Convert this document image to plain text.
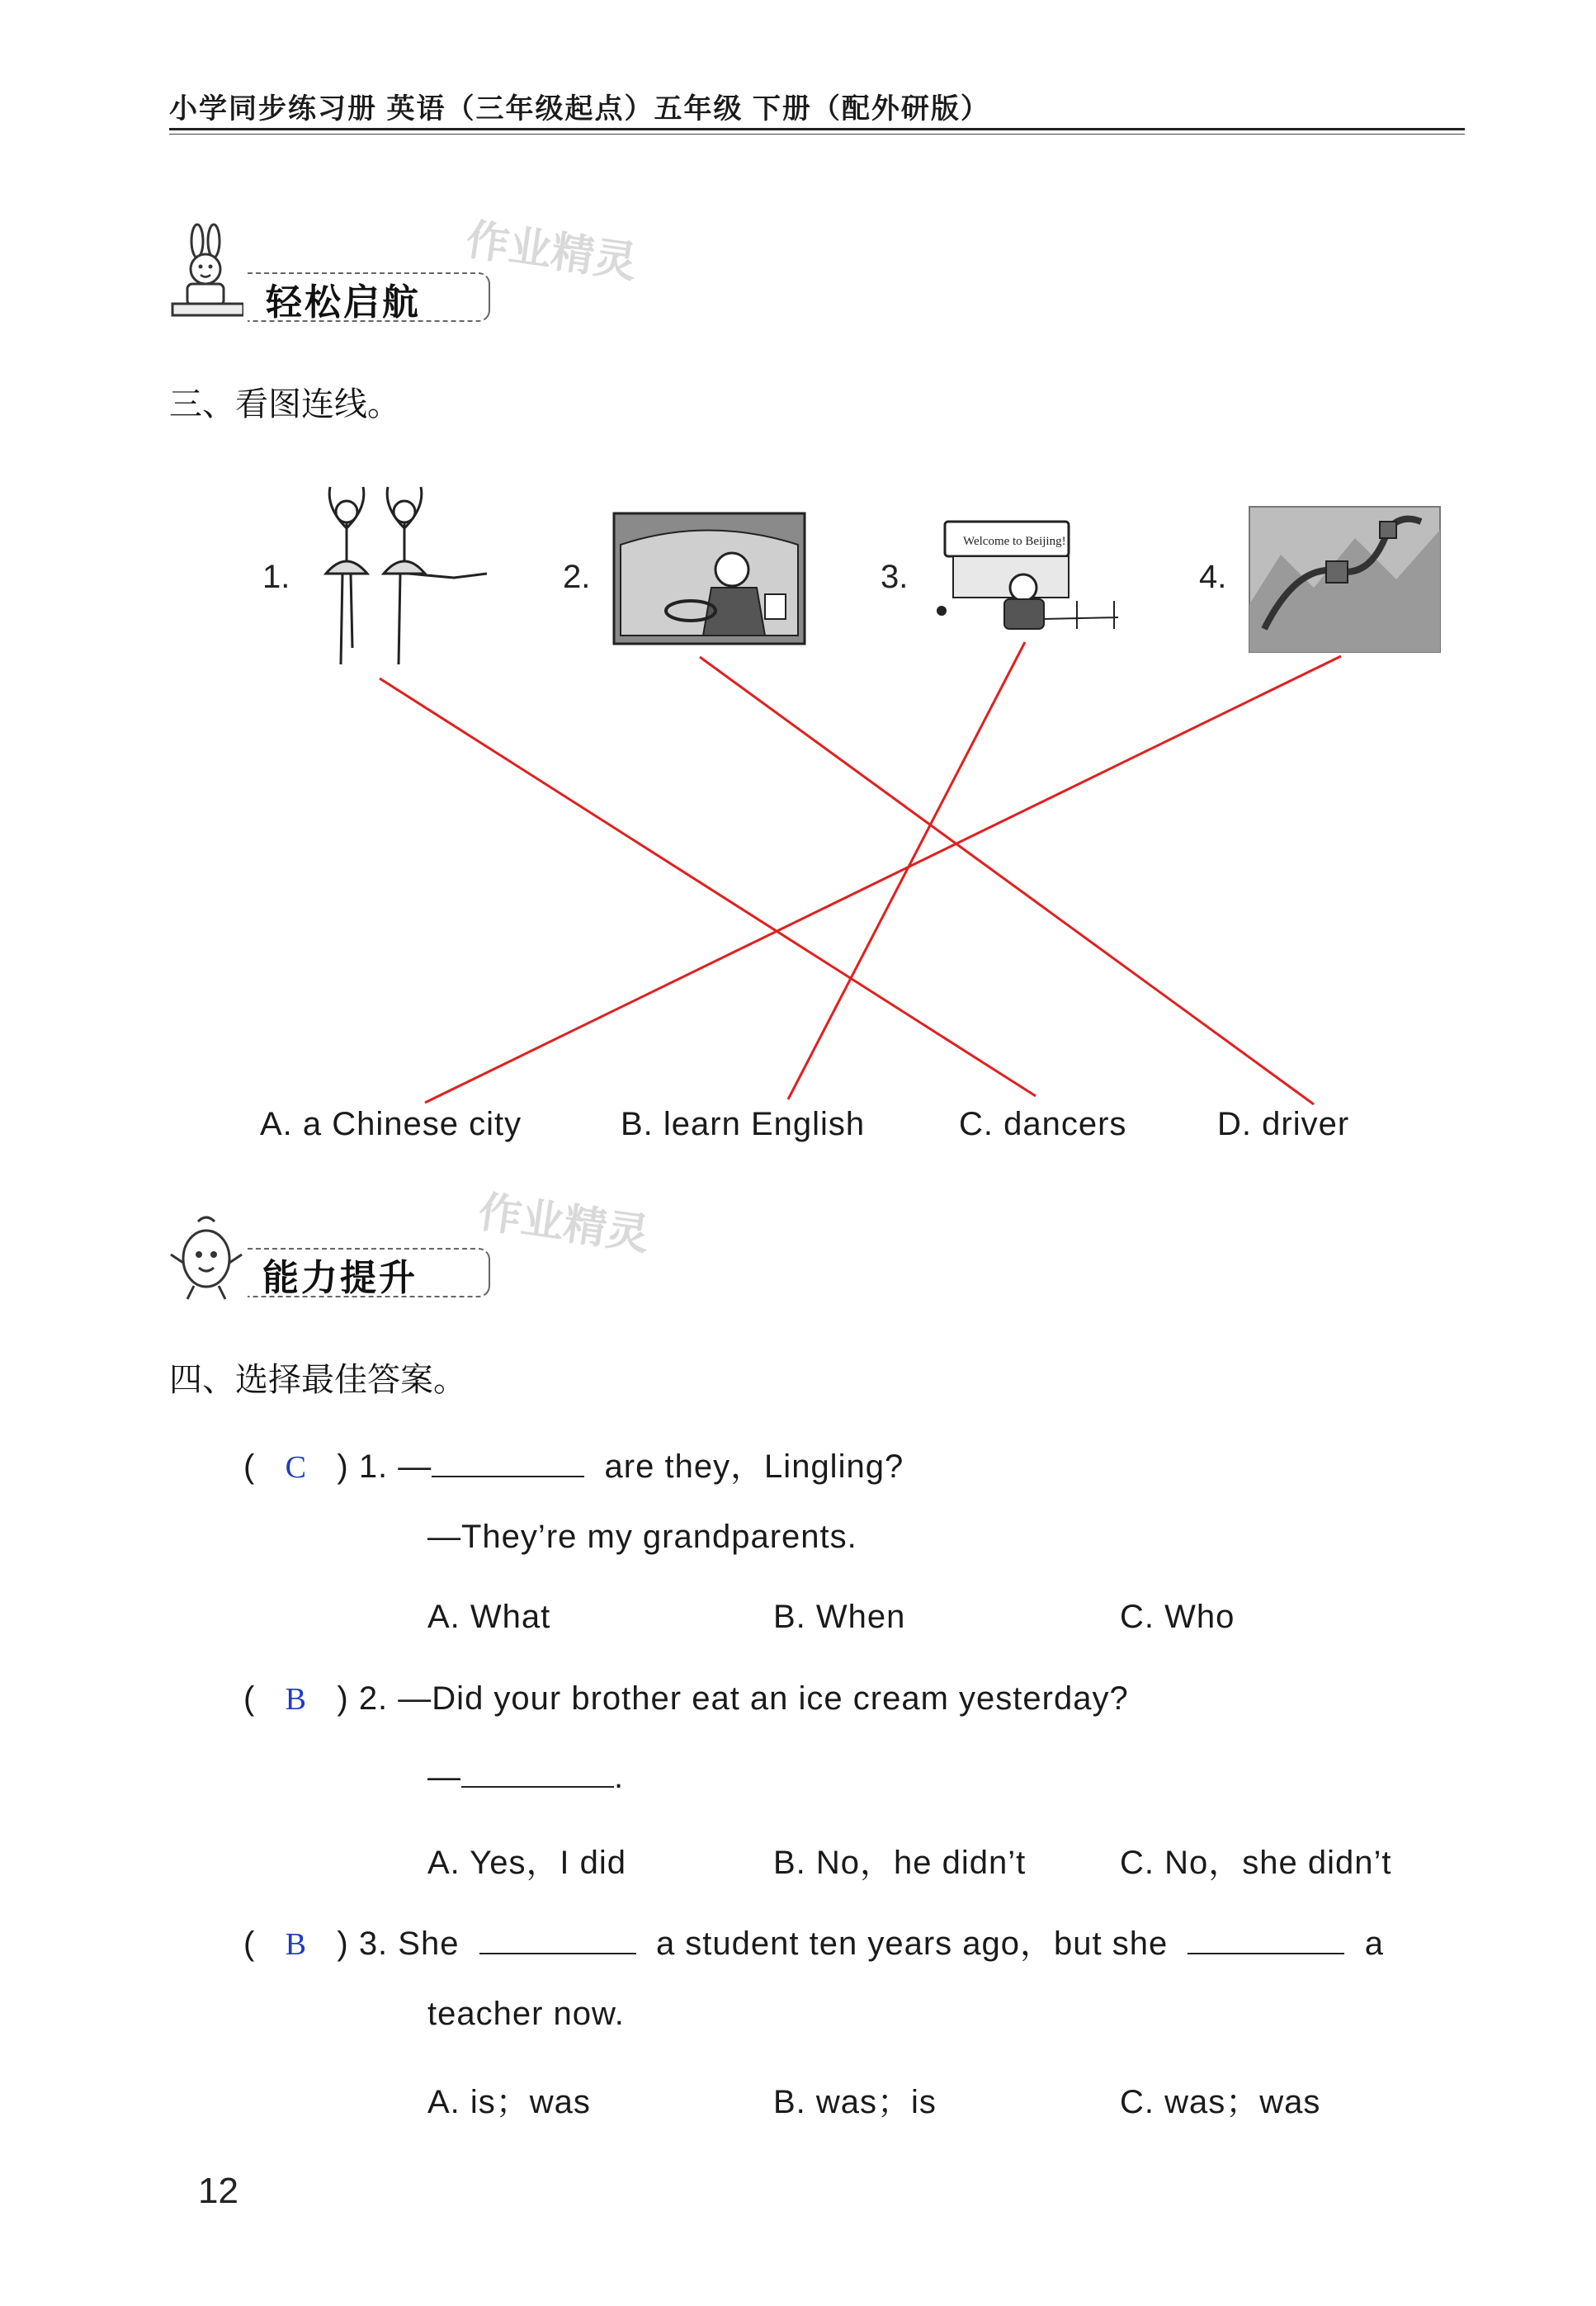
小学同步练习册 英语（三年级起点）五年级 下册（配外研版）
轻松启航
作业精灵
三、看图连线。
1.	2.	3.
Welcome to Beijing!
4.
A. a Chinese city	B. learn English	C. dancers	D. driver
能力提升
作业精灵
四、选择最佳答案。
(   C   ) 1. —	are they，Lingling?
—They’re my grandparents.
A. What	B. When	C. Who
(   B   ) 2. —Did your brother eat an ice cream yesterday?
—	.
A. Yes，I did	B. No，he didn’t	C. No，she didn’t
(   B   ) 3. She	a student ten years ago，but she	a
teacher now.
A. is；was	B. was；is	C. was；was
12
